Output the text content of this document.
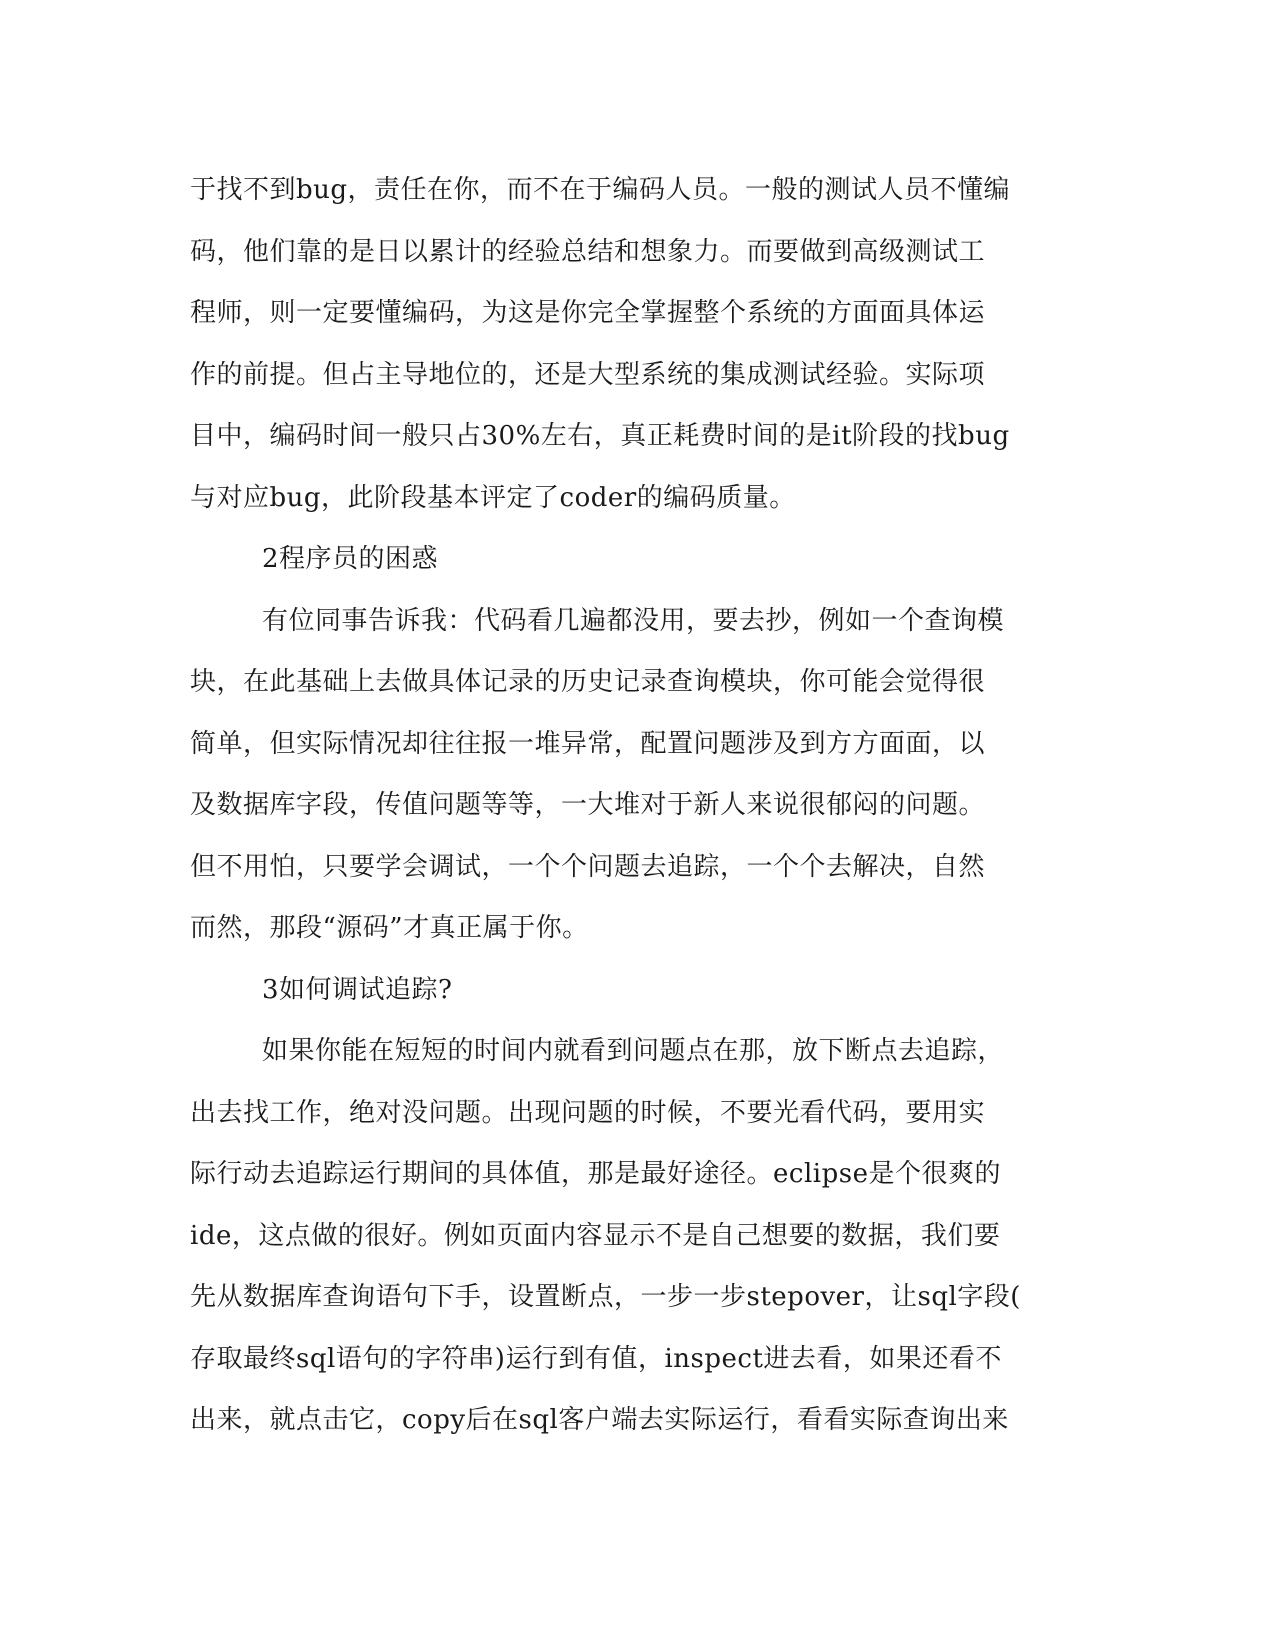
于找不到bug，责任在你，而不在于编码人员。一般的测试人员不懂编
码，他们靠的是日以累计的经验总结和想象力。而要做到高级测试工
程师，则一定要懂编码，为这是你完全掌握整个系统的方面面具体运
作的前提。但占主导地位的，还是大型系统的集成测试经验。实际项
目中，编码时间一般只占30%左右，真正耗费时间的是it阶段的找bug
与对应bug，此阶段基本评定了coder的编码质量。
2程序员的困惑
有位同事告诉我：代码看几遍都没用，要去抄，例如一个查询模
块，在此基础上去做具体记录的历史记录查询模块，你可能会觉得很
简单，但实际情况却往往报一堆异常，配置问题涉及到方方面面，以
及数据库字段，传值问题等等，一大堆对于新人来说很郁闷的问题。
但不用怕，只要学会调试，一个个问题去追踪，一个个去解决，自然
而然，那段“源码”才真正属于你。
3如何调试追踪?
如果你能在短短的时间内就看到问题点在那，放下断点去追踪，
出去找工作，绝对没问题。出现问题的时候，不要光看代码，要用实
际行动去追踪运行期间的具体值，那是最好途径。eclipse是个很爽的
ide，这点做的很好。例如页面内容显示不是自己想要的数据，我们要
先从数据库查询语句下手，设置断点，一步一步stepover，让sql字段(
存取最终sql语句的字符串)运行到有值，inspect进去看，如果还看不
出来，就点击它，copy后在sql客户端去实际运行，看看实际查询出来
